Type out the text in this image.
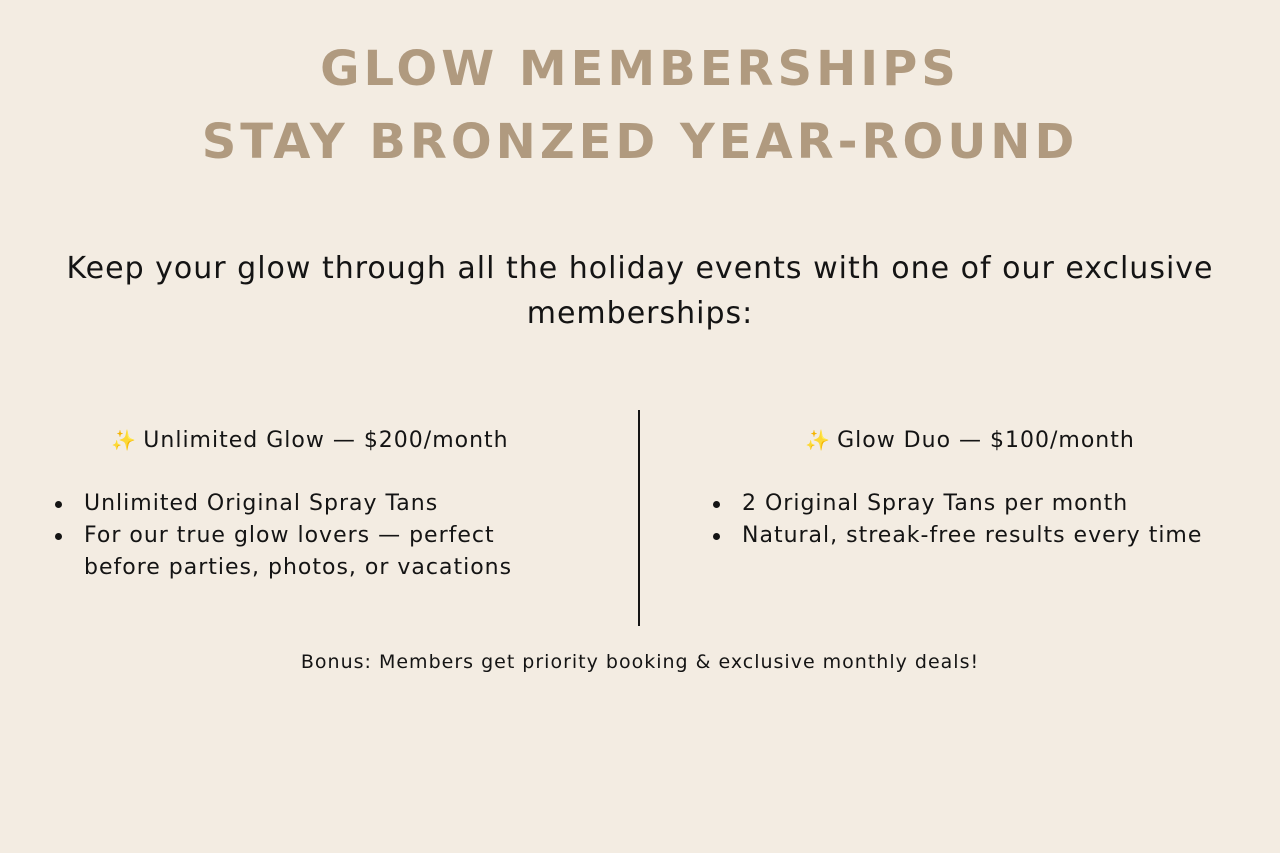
GLOW MEMBERSHIPS
STAY BRONZED YEAR-ROUND

Keep your glow through all the holiday events with one of our exclusive memberships:

✨ Unlimited Glow — $200/month

Unlimited Original Spray Tans
For our true glow lovers — perfect before parties, photos, or vacations

✨ Glow Duo — $100/month

2 Original Spray Tans per month
Natural, streak-free results every time

Bonus: Members get priority booking & exclusive monthly deals!
